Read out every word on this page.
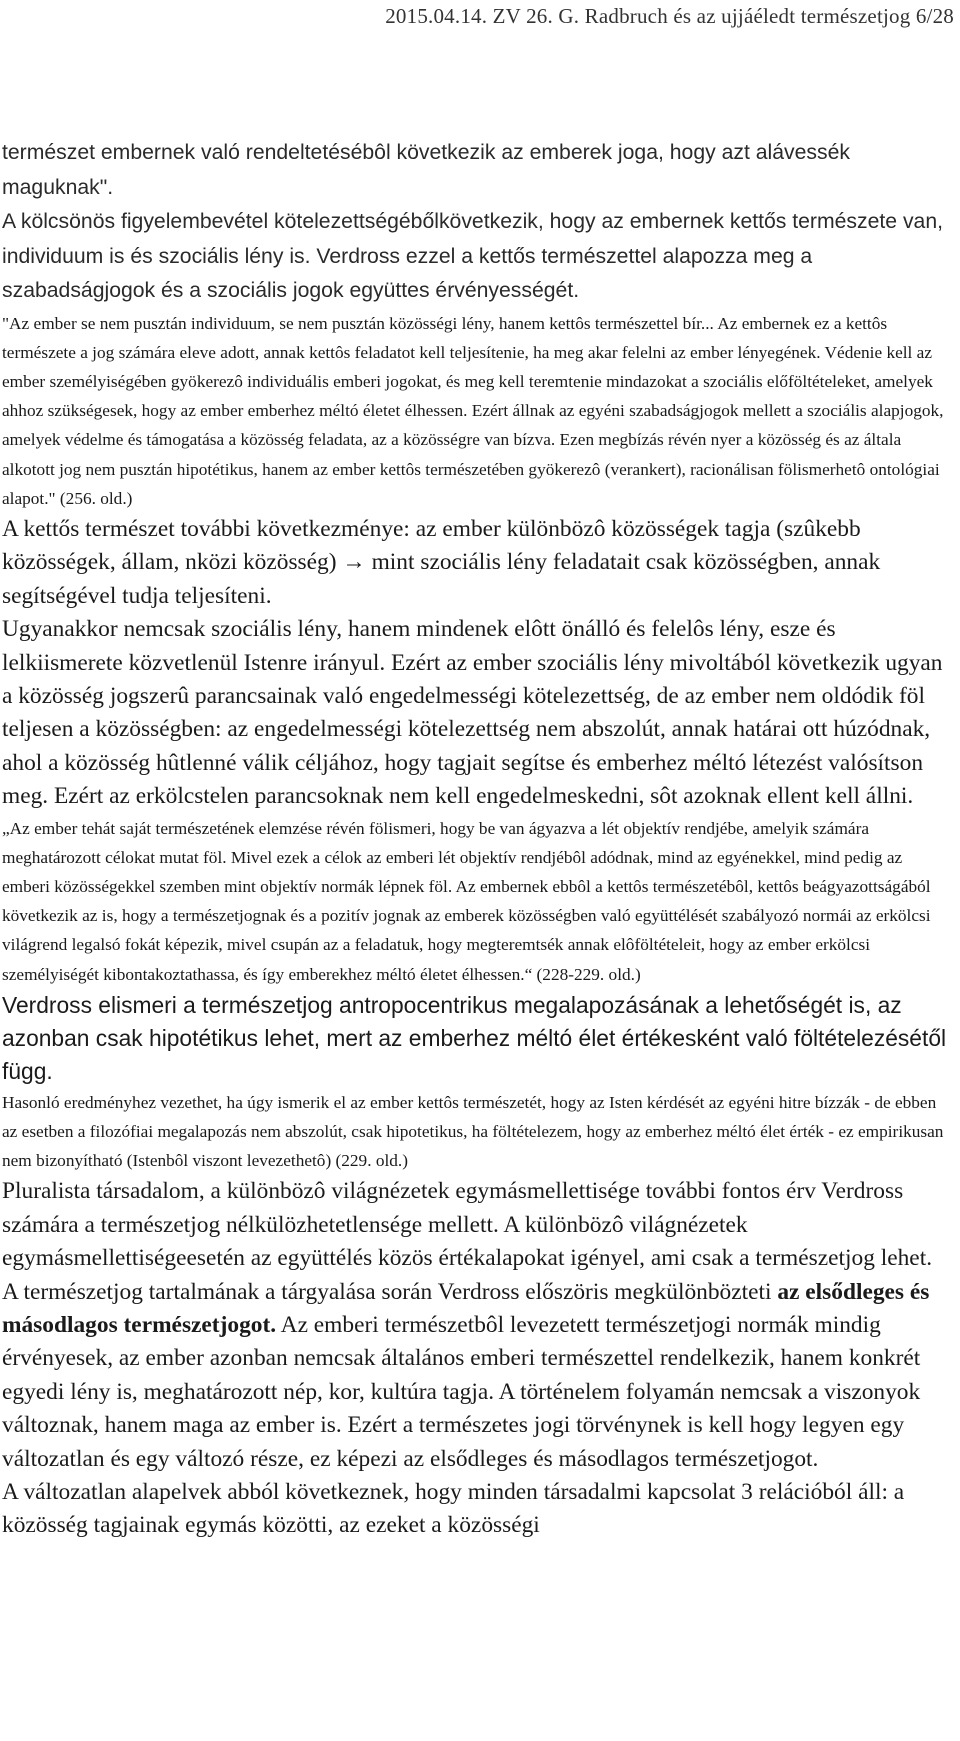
2015.04.14. ZV 26. G. Radbruch és az ujjáéledt természetjog 6/28

természet embernek való rendeltetésébôl következik az emberek joga, hogy azt alávessék maguknak".

A kölcsönös figyelembevétel kötelezettségébőlkövetkezik, hogy az embernek kettős természete van, individuum is és szociális lény is. Verdross ezzel a kettős természettel alapozza meg a szabadságjogok és a szociális jogok együttes érvényességét.

"Az ember se nem pusztán individuum, se nem pusztán közösségi lény, hanem kettôs természettel bír... Az embernek ez a kettôs természete a jog számára eleve adott, annak kettôs feladatot kell teljesítenie, ha meg akar felelni az ember lényegének. Védenie kell az ember személyiségében gyökerezô individuális emberi jogokat, és meg kell teremtenie mindazokat a szociális előföltételeket, amelyek ahhoz szükségesek, hogy az ember emberhez méltó életet élhessen. Ezért állnak az egyéni szabadságjogok mellett a szociális alapjogok, amelyek védelme és támogatása a közösség feladata, az a közösségre van bízva. Ezen megbízás révén nyer a közösség és az általa alkotott jog nem pusztán hipotétikus, hanem az ember kettôs természetében gyökerezô (verankert), racionálisan fölismerhetô ontológiai alapot." (256. old.)

A kettős természet további következménye: az ember különbözô közösségek tagja (szûkebb közösségek, állam, nközi közösség) → mint szociális lény feladatait csak közösségben, annak segítségével tudja teljesíteni.

Ugyanakkor nemcsak szociális lény, hanem mindenek elôtt önálló és felelôs lény, esze és lelkiismerete közvetlenül Istenre irányul. Ezért az ember szociális lény mivoltából következik ugyan a közösség jogszerû parancsainak való engedelmességi kötelezettség, de az ember nem oldódik föl teljesen a közösségben: az engedelmességi kötelezettség nem abszolút, annak határai ott húzódnak, ahol a közösség hûtlenné válik céljához, hogy tagjait segítse és emberhez méltó létezést valósítson meg. Ezért az erkölcstelen parancsoknak nem kell engedelmeskedni, sôt azoknak ellent kell állni.

„Az ember tehát saját természetének elemzése révén fölismeri, hogy be van ágyazva a lét objektív rendjébe, amelyik számára meghatározott célokat mutat föl. Mivel ezek a célok az emberi lét objektív rendjébôl adódnak, mind az egyénekkel, mind pedig az emberi közösségekkel szemben mint objektív normák lépnek föl. Az embernek ebbôl a kettôs természetébôl, kettôs beágyazottságából következik az is, hogy a természetjognak és a pozitív jognak az emberek közösségben való együttélését szabályozó normái az erkölcsi világrend legalsó fokát képezik, mivel csupán az a feladatuk, hogy megteremtsék annak elôföltételeit, hogy az ember erkölcsi személyiségét kibontakoztathassa, és így emberekhez méltó életet élhessen.“ (228-229. old.)

Verdross elismeri a természetjog antropocentrikus megalapozásának a lehetőségét is, az azonban csak hipotétikus lehet, mert az emberhez méltó élet értékesként való föltételezésétől függ.

Hasonló eredményhez vezethet, ha úgy ismerik el az ember kettôs természetét, hogy az Isten kérdését az egyéni hitre bízzák - de ebben az esetben a filozófiai megalapozás nem abszolút, csak hipotetikus, ha föltételezem, hogy az emberhez méltó élet érték - ez empirikusan nem bizonyítható (Istenbôl viszont levezethetô) (229. old.)

Pluralista társadalom, a különbözô világnézetek egymásmellettisége további fontos érv Verdross számára a természetjog nélkülözhetetlensége mellett. A különbözô világnézetek egymásmellettiségeesetén az együttélés közös értékalapokat igényel, ami csak a természetjog lehet.

A természetjog tartalmának a tárgyalása során Verdross előszöris megkülönbözteti az elsődleges és másodlagos természetjogot. Az emberi természetbôl levezetett természetjogi normák mindig érvényesek, az ember azonban nemcsak általános emberi természettel rendelkezik, hanem konkrét egyedi lény is, meghatározott nép, kor, kultúra tagja. A történelem folyamán nemcsak a viszonyok változnak, hanem maga az ember is. Ezért a természetes jogi törvénynek is kell hogy legyen egy változatlan és egy változó része, ez képezi az elsődleges és másodlagos természetjogot.

A változatlan alapelvek abból következnek, hogy minden társadalmi kapcsolat 3 relációból áll: a közösség tagjainak egymás közötti, az ezeket a közösségi
